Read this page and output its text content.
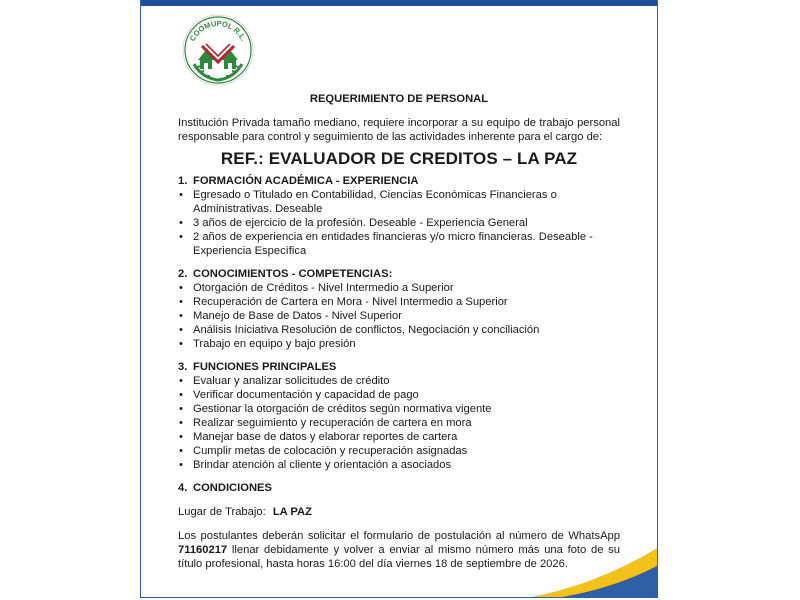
COOMUPOL R.L.
REQUERIMIENTO DE PERSONAL

Institución Privada tamaño mediano, requiere incorporar a su equipo de trabajo personal responsable para control y seguimiento de las actividades inherente para el cargo de:

REF.: EVALUADOR DE CREDITOS – LA PAZ
1. FORMACIÓN ACADÉMICA - EXPERIENCIA
• Egresado o Titulado en Contabilidad, Ciencias Económicas Financieras o Administrativas. Deseable
• 3 años de ejercicio de la profesión. Deseable - Experiencia General
• 2 años de experiencia en entidades financieras y/o micro financieras. Deseable - Experiencia Específica
2. CONOCIMIENTOS - COMPETENCIAS:
• Otorgación de Créditos - Nivel Intermedio a Superior
• Recuperación de Cartera en Mora - Nivel Intermedio a Superior
• Manejo de Base de Datos - Nivel Superior
• Análisis Iniciativa Resolución de conflictos, Negociación y conciliación
• Trabajo en equipo y bajo presión
3. FUNCIONES PRINCIPALES
• Evaluar y analizar solicitudes de crédito
• Verificar documentación y capacidad de pago
• Gestionar la otorgación de créditos según normativa vigente
• Realizar seguimiento y recuperación de cartera en mora
• Manejar base de datos y elaborar reportes de cartera
• Cumplir metas de colocación y recuperación asignadas
• Brindar atención al cliente y orientación a asociados
4. CONDICIONES
Lugar de Trabajo: LA PAZ

Los postulantes deberán solicitar el formulario de postulación al número de WhatsApp 71160217 llenar debidamente y volver a enviar al mismo número más una foto de su título profesional, hasta horas 16:00 del día viernes 18 de septiembre de 2026.
